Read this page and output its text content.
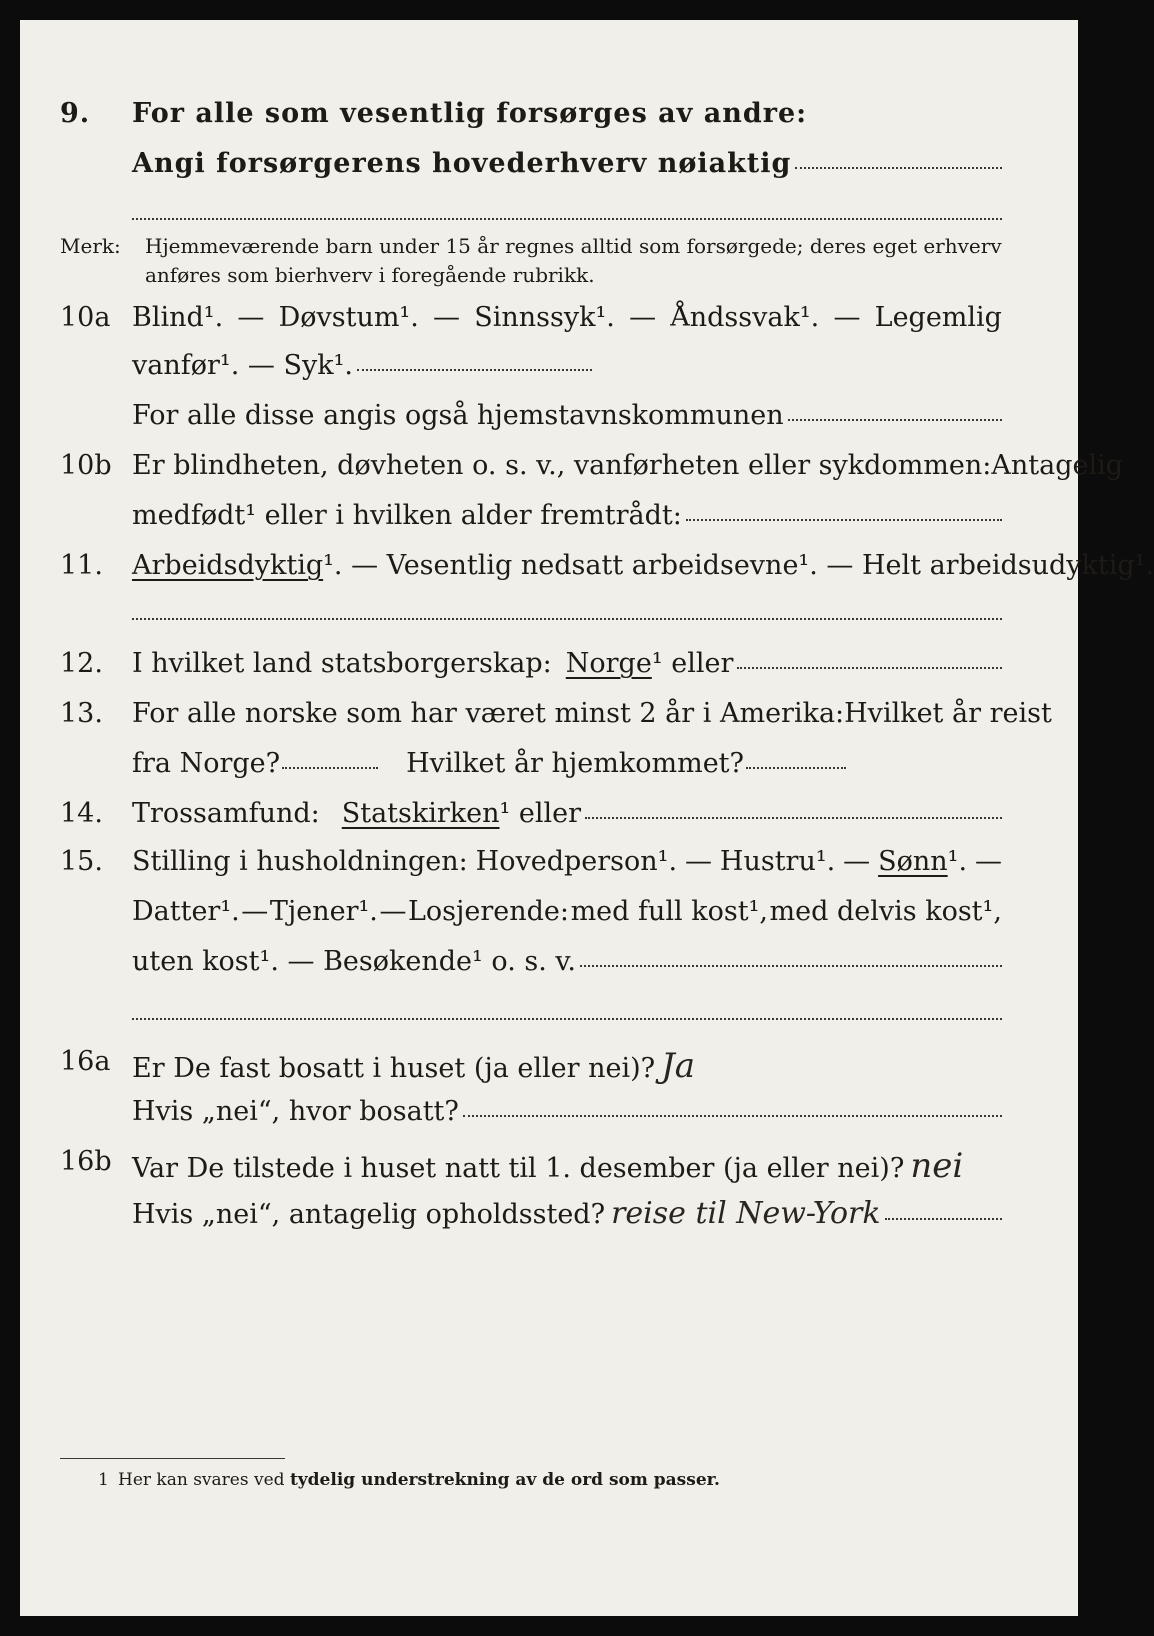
9.	For alle som vesentlig forsørges av andre:
Angi forsørgerens hovederhverv nøiaktig
Merk: Hjemmeværende barn under 15 år regnes alltid som forsørgede; deres eget erhverv
anføres som bierhverv i foregående rubrikk.
10a Blind¹. — Døvstum¹. — Sinnssyk¹. — Åndssvak¹. — Legemlig
vanfør¹. — Syk¹.
For alle disse angis også hjemstavnskommunen
10b Er blindheten, døvheten o. s. v., vanførheten eller sykdommen: Antagelig
medfødt¹ eller i hvilken alder fremtrådt:
11.	Arbeidsdyktig ¹. — Vesentlig nedsatt arbeidsevne¹. — Helt arbeidsudyktig¹.
12.	I hvilket land statsborgerskap: Norge ¹ eller
13.	For alle norske som har været minst 2 år i Amerika: Hvilket år reist
fra Norge?	Hvilket år hjemkommet?
14.	Trossamfund: Statskirken ¹ eller
15.	Stilling i husholdningen: Hovedperson¹. — Hustru¹. — Sønn¹. —
Datter¹. — Tjener¹. — Losjerende: med full kost¹, med delvis kost¹,
uten kost¹. — Besøkende¹ o. s. v.
16a Er De fast bosatt i huset (ja eller nei)? Ja
Hvis „nei“, hvor bosatt?
16b Var De tilstede i huset natt til 1. desember (ja eller nei)? nei
Hvis „nei“, antagelig opholdssted? reise til New-York
1 Her kan svares ved tydelig understrekning av de ord som passer.
